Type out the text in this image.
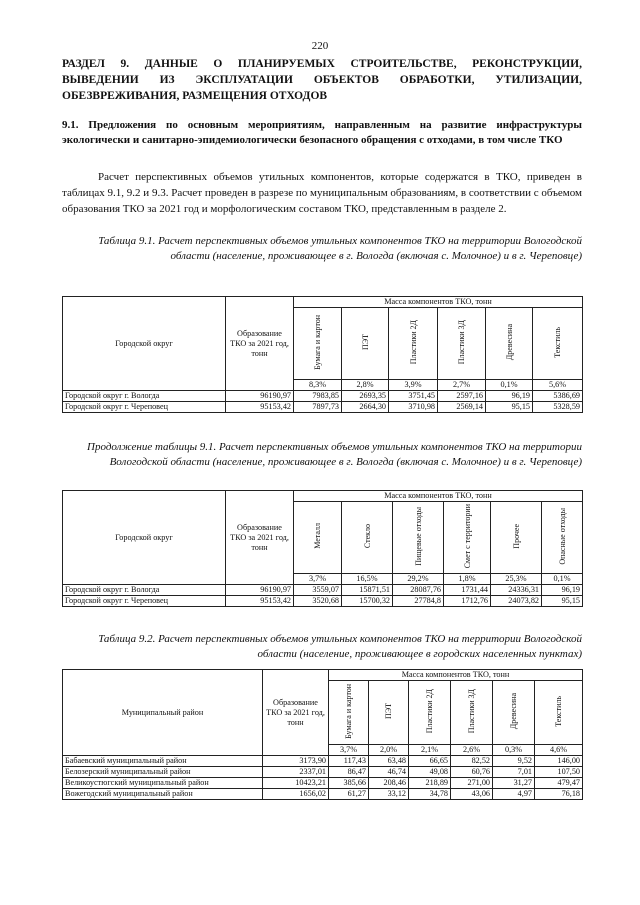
220
РАЗДЕЛ 9. ДАННЫЕ О ПЛАНИРУЕМЫХ СТРОИТЕЛЬСТВЕ, РЕКОНСТРУКЦИИ, ВЫВЕДЕНИИ ИЗ ЭКСПЛУАТАЦИИ ОБЪЕКТОВ ОБРАБОТКИ, УТИЛИЗАЦИИ, ОБЕЗВРЕЖИВАНИЯ, РАЗМЕЩЕНИЯ ОТХОДОВ
9.1. Предложения по основным мероприятиям, направленным на развитие инфраструктуры экологически и санитарно-эпидемиологически безопасного обращения с отходами, в том числе ТКО
Расчет перспективных объемов утильных компонентов, которые содержатся в ТКО, приведен в таблицах 9.1, 9.2 и 9.3. Расчет проведен в разрезе по муниципальным образованиям, в соответствии с объемом образования ТКО за 2021 год и морфологическим составом ТКО, представленным в разделе 2.
Таблица 9.1. Расчет перспективных объемов утильных компонентов ТКО на территории Вологодской области (население, проживающее в г. Вологда (включая с. Молочное) и в г. Череповце)
Городской округ	Образование ТКО за 2021 год, тонн	Масса компонентов ТКО, тонн					
		Бумага и картон	ПЭТ	Пластики 2Д	Пластики 3Д	Древесина	Текстиль
		8,3%	2,8%	3,9%	2,7%	0,1%	5,6%
Городской округ г. Вологда	96190,97	7983,85	2693,35	3751,45	2597,16	96,19	5386,69
Городской округ г. Череповец	95153,42	7897,73	2664,30	3710,98	2569,14	95,15	5328,59
Продолжение таблицы 9.1. Расчет перспективных объемов утильных компонентов ТКО на территории Вологодской области (население, проживающее в г. Вологда (включая с. Молочное) и в г. Череповце)
Городской округ	Образование ТКО за 2021 год, тонн	Масса компонентов ТКО, тонн					
		Металл	Стекло	Пищевые отходы	Смет с территории	Прочее	Опасные отходы
		3,7%	16,5%	29,2%	1,8%	25,3%	0,1%
Городской округ г. Вологда	96190,97	3559,07	15871,51	28087,76	1731,44	24336,31	96,19
Городской округ г. Череповец	95153,42	3520,68	15700,32	27784,8	1712,76	24073,82	95,15
Таблица 9.2. Расчет перспективных объемов утильных компонентов ТКО на территории Вологодской области (население, проживающее в городских населенных пунктах)
Муниципальный район	Образование ТКО за 2021 год, тонн	Масса компонентов ТКО, тонн					
		Бумага и картон	ПЭТ	Пластики 2Д	Пластики 3Д	Древесина	Текстиль
		3,7%	2,0%	2,1%	2,6%	0,3%	4,6%
Бабаевский муниципальный район	3173,90	117,43	63,48	66,65	82,52	9,52	146,00
Белозерский муниципальный район	2337,01	86,47	46,74	49,08	60,76	7,01	107,50
Великоустюгский муниципальный район	10423,21	385,66	208,46	218,89	271,00	31,27	479,47
Вожегодский муниципальный район	1656,02	61,27	33,12	34,78	43,06	4,97	76,18
